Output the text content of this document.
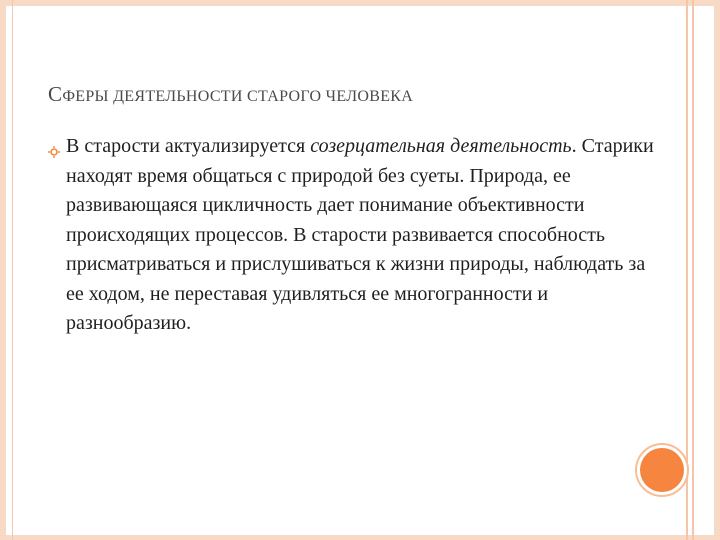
СФЕРЫ ДЕЯТЕЛЬНОСТИ СТАРОГО ЧЕЛОВЕКА
В старости актуализируется созерцательная деятельность. Старики находят время общаться с природой без суеты. Природа, ее развивающаяся цикличность дает понимание объективности происходящих процессов. В старости развивается способность присматриваться и прислушиваться к жизни природы, наблюдать за ее ходом, не переставая удивляться ее многогранности и разнообразию.
